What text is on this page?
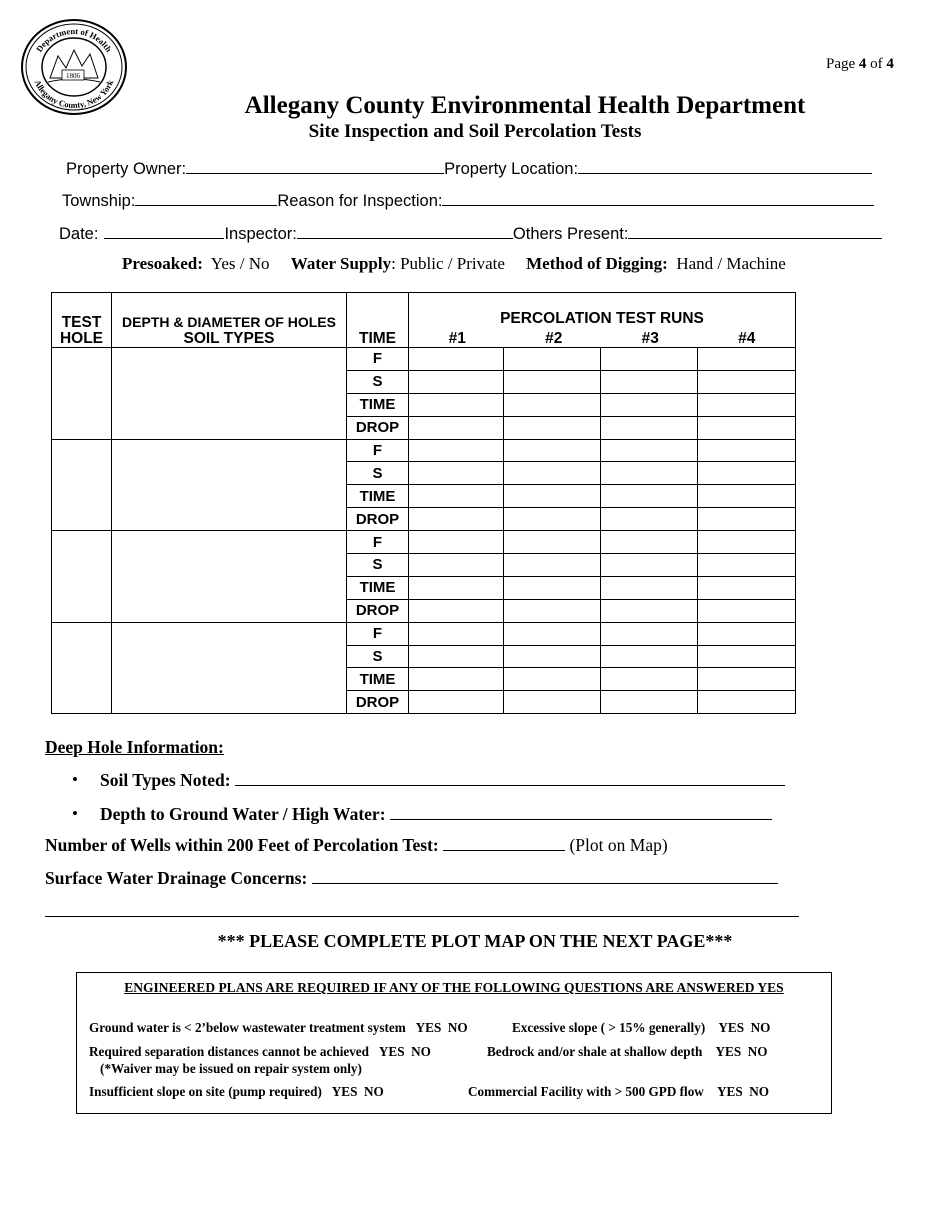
Department of Health
Allegany County, New York
1806
Page 4 of 4
Allegany County Environmental Health Department
Site Inspection and Soil Percolation Tests
Property Owner:	Property Location:
Township:	Reason for Inspection:
Date:	Inspector:	Others Present:
Presoaked: Yes / No Water Supply: Public / Private Method of Digging: Hand / Machine
TEST
HOLE	DEPTH & DIAMETER OF HOLES
SOIL TYPES	TIME	PERCOLATION TEST RUNS
#1 #2 #3 #4			

		F				
		S				
		TIME				
		DROP				
		F				
		S				
		TIME				
		DROP				
		F				
		S				
		TIME				
		DROP				
		F				
		S				
		TIME				
		DROP				
Deep Hole Information:
• Soil Types Noted:
• Depth to Ground Water / High Water:
Number of Wells within 200 Feet of Percolation Test:	(Plot on Map)
Surface Water Drainage Concerns:
*** PLEASE COMPLETE PLOT MAP ON THE NEXT PAGE***
ENGINEERED PLANS ARE REQUIRED IF ANY OF THE FOLLOWING QUESTIONS ARE ANSWERED YES
Ground water is < 2’below wastewater treatment system YES NO	Excessive slope ( > 15% generally) YES NO
Required separation distances cannot be achieved YES NO	Bedrock and/or shale at shallow depth YES NO
(*Waiver may be issued on repair system only)
Insufficient slope on site (pump required) YES NO	Commercial Facility with > 500 GPD flow YES NO
